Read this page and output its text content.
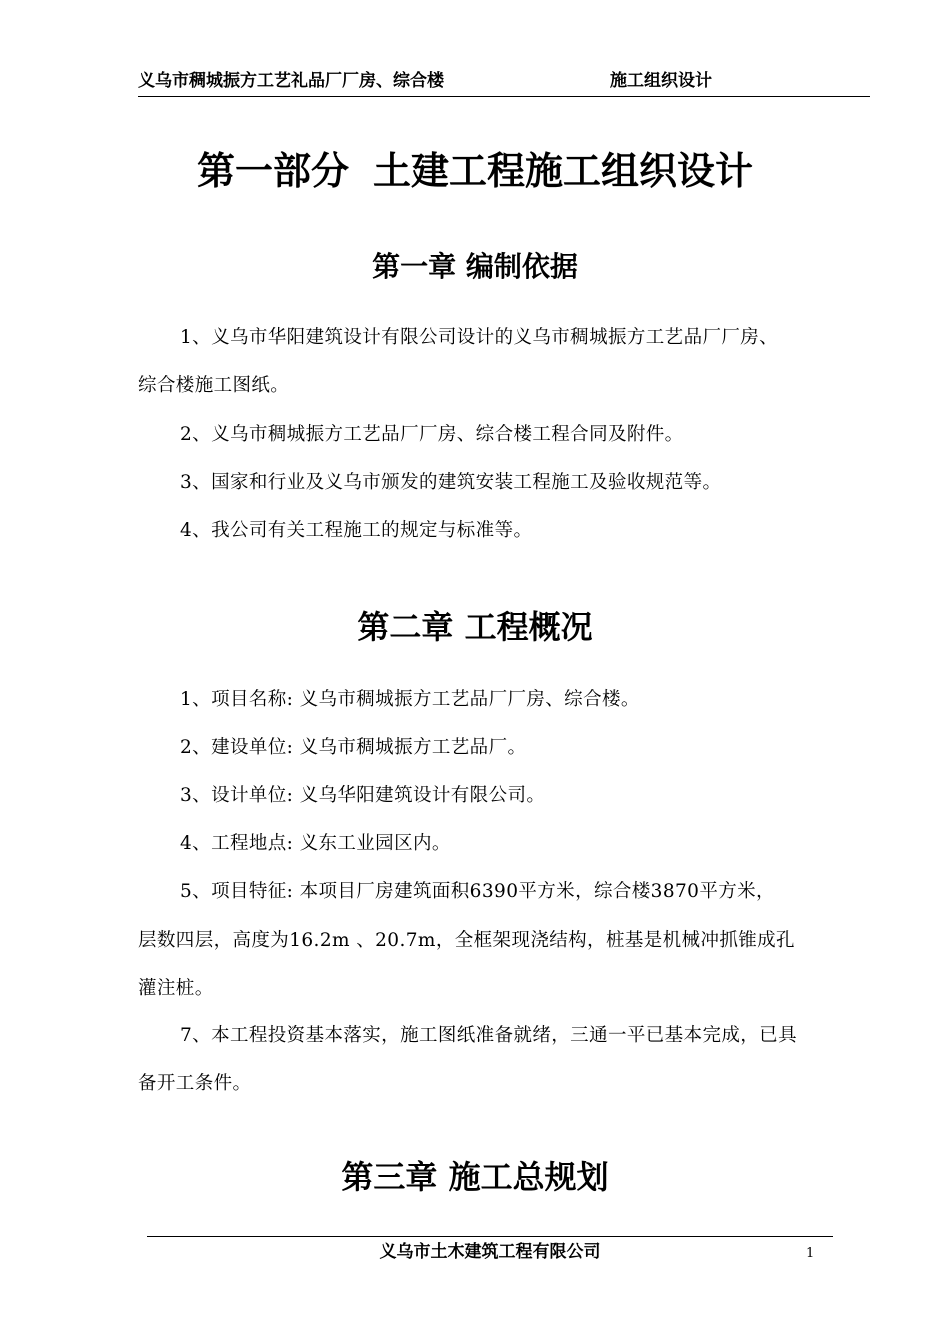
义乌市稠城振方工艺礼品厂厂房、综合楼	施工组织设计
第一部分 土建工程施工组织设计
第一章 编制依据
1、义乌市华阳建筑设计有限公司设计的义乌市稠城振方工艺品厂厂房、
综合楼施工图纸。
2、义乌市稠城振方工艺品厂厂房、综合楼工程合同及附件。
3、国家和行业及义乌市颁发的建筑安装工程施工及验收规范等。
4、我公司有关工程施工的规定与标准等。
第二章 工程概况
1、项目名称: 义乌市稠城振方工艺品厂厂房、综合楼。
2、建设单位: 义乌市稠城振方工艺品厂。
3、设计单位: 义乌华阳建筑设计有限公司。
4、工程地点: 义东工业园区内。
5、项目特征: 本项目厂房建筑面积6390平方米，综合楼3870平方米，
层数四层，高度为16.2m 、20.7m，全框架现浇结构，桩基是机械冲抓锥成孔
灌注桩。
7、本工程投资基本落实，施工图纸准备就绪，三通一平已基本完成，已具
备开工条件。
第三章 施工总规划
义乌市土木建筑工程有限公司	1
